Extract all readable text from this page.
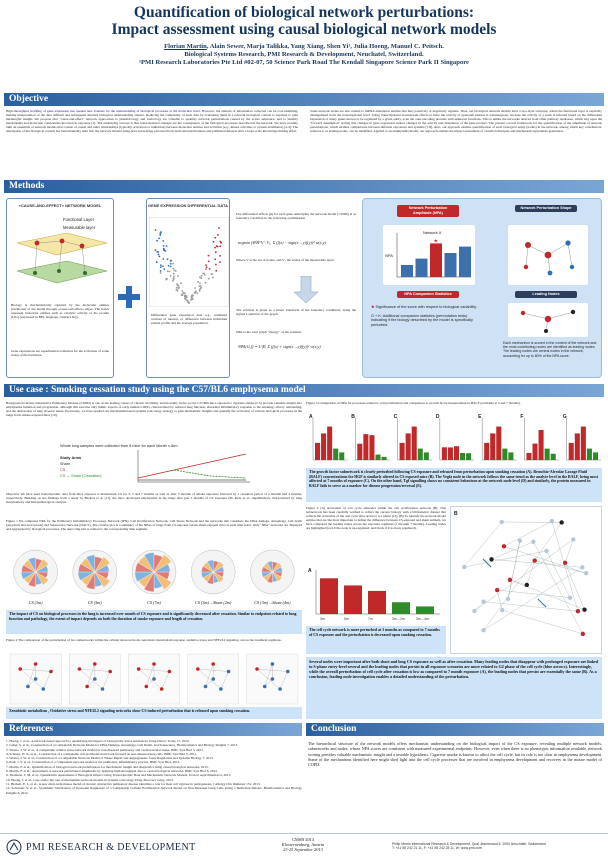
Quantification of biological network perturbations:
Impact assessment using causal biological network models
Florian Martin, Alain Sewer, Marja Talikka, Yang Xiang, Shen Yi¹, Julia Hoeng, Manuel C. Peitsch.
Biological Systems Research, PMI Research & Development, Neuchatel, Switzerland.
¹PMI Research Laboratories Pte Ltd #02-07, 50 Science Park Road The Kendall Singapore Science Park II Singapore
Objective
High-throughput profiling of gene expression has opened new avenues for the understanding of biological processes at the molecular level. However, the amount of information collected can be overwhelming, making interpretation of the data difficult and subsequent detailed biological understanding elusive. Reducing the complexity of such data by evaluating them in a relevant biological context is required to gain meaningful insight. We propose that "cause-and-effect" network approaches to pharmacology and toxicology are valuable to quantify network perturbations caused by the active substance, and to identify mechanisms and molecular components involved in exposure [1]. The underlying concept is that transcriptional changes are the consequence of the biological processes described in the network. We have recently built an ensemble of network models that consist of causal and other relationships (typically activation or inhibition) between molecular entities and activities (e.g., kinase activities or protein abundance) [2-4]. The description of the biological context has been manually built into the network models using prior knowledge extracted from both relevant literature and published datasets after a large-scale knowledge mining effort.
Some network nodes are also related to mRNA abundance entities that they positively or negatively regulate. Thus, our biological network models have a two-layer structure, where the functional layer is explicitly distinguished from the transcriptional level. Using transcriptional downstream effects to infer the activity of upstream entities is advantageous, because the activity of a node is inferred based on the differential expression of many genes known to be regulated by a given entity, even the ones encoding proteins with unknown functions. This is unlike the networks derived from other pathway databases, which rely upon the "forward assumption" stating that changes in gene expression induce changes in the activity and abundance of the gene product. The present a novel framework for the quantification of the amplitude of network perturbations, which enables comparisons between different exposures and systems [7-8]. Also, our approach enables quantification of each biological entity (nodes) in the network, among which key contributors, referred to as leading nodes, can be identified. Applied to an emphysema model, our approach enables the impact assessment of cessation therapies and mechanistic hypothesis generation.
Methods
«CAUSE-AND-EFFECT» NETWORK MODEL
Functional Layer
Measurable layer
Biology is mechanistically captured by the molecular entities (backbone) of the model through «cause-and-effect» edges. The nodes represent molecular entities such as catalytic activity of the protein (LIG) (expressed in BEL language, catalA(LIG)).
Gene expressions are experimental evidences for the activation of some nodes of the backbone.
GENE EXPRESSION DIFFERENTIAL DATA
Differential gene expression data e.g., estimated contrast of interest, or difference between individual patient profile and the average population.
Use differential effects (β) for each gene underlying the network model (>5000), β as boundary condition in the following optimization
argmin f∈ℝ^V \ V₀  Σ (f(x) − sign(x→y)f(y))² w(x,y)
Where V is the set of nodes, and V₀ the nodes of the measurable layer.
The solution is given as a linear transform of the boundary conditions, using the signed Laplacian of the graph.
NPA is the total graph "energy" of the solution:
NPA(G,f) = 1/|E| Σ (f(x) + sign(x→y)f(y))² w(x,y)
Network Perturbation Amplitude (NPA)
Network Perturbation Shape
★
Network X
NPA
NPA Companion Statistics	Leading Nodes
★ Significance of the score with respect to biological variability.
O + K: Additional companion statistics (permutation tests) indicating if the biology described by the model is specifically perturbed.
Each mechanism is scored in the context of the network and the most contributing nodes are identified as leading nodes. The leading nodes are central nodes in the network, accounting for up to 80% of the NPA score.
Use case : Smoking cessation study using the C57/BL6 emphysema model
Background Chronic Obstructive Pulmonary Disease (COPD) is one of the leading causes of chronic morbidity and mortality in the world. C57/Bl6 mice exposed to cigarette smoke (CS) provide valuable insight into emphysema initiation and progression, although this exercise only mimic aspects of early human COPD, characterized by reduced lung function, abnormal inflammatory response to the smoking, airway remodeling, and the destruction of lung alveolar tissue. Previously, we have applied our mechanism-based systems toxicology strategy to gain mechanistic insights and quantify the activation of various biological processes in the lungs from smoke-exposed mice [10].
Whole lung samples were collected from 8 mice for each Month x Arm
Study Arms
Sham
CS
CS → Sham (Cessation)
Objective We have used transcriptomic data from mice exposed to mainstream CS for 3, 5 and 7 months as well as after 3 months of smoke exposure followed by a cessation period of 2 months and 4 months, respectively. Building on the findings from a study by Beckett et al. [11], the mice developed emphysema in the lungs after just 3 months of CS exposure (M. Peck et al., unpublished), characterized by lung morphometry and histopathological analysis.
Figure 1 We computed NPA for the Pulmonary Inflammatory Processes Network (IPN), Cell Proliferation Network, Cell Stress Network and the networks that constitute the DNA damage, Autophagy, Cell death (apoptosis and necroptosis) and Senescence Network (DACS). The circular plot is a summary of the NPAs of lungs from CS-exposed versus sham-exposed mice at each time point. Only "NPA" networks are displayed and aggregated by biological processes. The outer ring plot is related to the corresponding time segment.
CS (3m)	CS (5m)	CS (7m)	CS (3m)→Sham (2m)	CS (3m)→Sham (4m)
The impact of CS on biological processes in the lung is increased over month of CS exposure and is significantly decreased after cessation. Similar to endpoints related to lung function and pathology, the extent of impact depends on both the duration of smoke exposure and length of cessation.
Figure 2 The comparison of the perturbation of two subnetworks within the cellular stress network, xenobiotic metabolism response oxidative stress and NFE2L2 signaling, across the treatment regimens.
Xenobiotic metabolism , Oxidative stress and NFE2L2 signaling networks show CS induced perturbation that is released upon smoking cessation.
Figure 3 Computation of NPA for processes related to cell proliferation and comparison to growth factor measurement in BALF (available at 5 and 7 months).
A	B	C	D	E	F	G
The growth factor subnetwork is clearly perturbed following CS exposure and released from perturbation upon smoking cessation (A). Bronchio-Alveolar Lavage Fluid (BALF) concentrations for HGF is similarly altered in CS exposed mice (B). The Vegfa node in the network follows the same trend as the analyte level in the BALF, being most affected at 7 months of exposure (C). On the other hand, Tgf signalling shows no consistent behaviour at the network node level (D) and similarly, the protein measured in BALF fails to serve as a marker for disease progression/reversal (E).
Figure 4 (A) Activation of cell cycle subnodel within the cell proliferation network (B). This subnetwork has been carefully verified to reflect the current biology with a bibliometric dataset that reflects the activation of the cell cycle after arrest to G1 phase [12]. (B) To identify the network model entities that are the most important to define the difference between CS-exposed and sham animals, we have compared the leading nodes across the exposure regimens (1 through 7 months). Leading nodes are highlighted (red if the node is up-regulated, and black if it is down regulated).
A
3m	5m	7m	3m→2m	3m→4m
The cell cycle network is more perturbed at 3 months as compared to 7 months of CS exposure and the perturbation is decreased upon smoking cessation.
B
Several nodes were important after both short and long CS exposure as well as after cessation. Many leading nodes that disappear with prolonged exposure are linked to S-phase entry-level several and the leading nodes that persist in all exposure scenarios are more related to G2 phase of the cell cycle (blue arrows). Interestingly, while the overall perturbation of cell cycle after cessation is low as compared to 7 month exposure (A), the leading nodes that persist are essentially the same (B). As a conclusion, leading node investigation enables a detailed understanding of the perturbation.
References
1. Hoeng, J. et al., A network-based approach to quantifying the impact of biologically active substances. Drug Discov Today 17, 2012.
2. Gebel, S. et al., Construction of a Computable Network Model for DNA Damage, Autophagy, Cell Death, and Senescence. Bioinformatics and Biology Insights 7, 2013.
3. Westra, J. W. et al., A computable cellular stress network model for non-diseased pulmonary and cardiovascular tissue. BMC Syst Biol 5, 2011.
4. Schlage, W. K. et al., Construction of a computable cell proliferation network focused on non-diseased lung cells. BMC Syst Biol 5, 2011.
5. Westra, J. W. et al., Construction of a Computable Network Model of Tissue Repair and Angiogenesis. Gene Regulation and Systems Biology 7, 2013.
6. Park, J. S. et al., Construction of a computable network model of the pulmonary inflammatory process. BMC Syst Biol, 2013.
7. Martin, F. et al., Quantification of biological network perturbations for mechanistic insight and diagnostics using causal biological networks. 2013.
8. Martin, F. et al., Assessment of network perturbation amplitudes by applying high-throughput data to causal biological networks. BMC Syst Biol 6, 2012.
9. Thomson, T. M. et al., Quantitative Assessment of Biological Impact Using Transcriptomic Data and Mechanistic Network Models. Toxicol Appl Pharmacol, 2013.
10. Hoeng, J. et al., Case study: the role of mechanistic network models in systems toxicology. Drug discovery today, 2013.
11. Beckett, E. L. et al., A new short-term mouse model of chronic obstructive pulmonary disease identifies a role for mast cell tryptase in pathogenesis. J Allergy Clin Immunol 131, 2013.
12. Selvarani, V. et al., Systematic Verification of Upstream Regulators of a Computable Cellular Proliferation Network Model on Non-Diseased Lung Cells Using a Dedicated Dataset. Bioinformatics and Biology Insights 6, 2012.
Conclusion
The hierarchical structure of the network models offers mechanistic understanding on the biological impact of the CS exposure, revealing multiple network models, subnetworks and nodes, whose NPA scores are consistent with measured experimental endpoints. However, even when there is no phenotypic information available, network scoring provides valuable mechanistic insight and a testable hypothesis. Cigarette smoke is known to affect the cell cycle, but its role is not clear in emphysema development. Some of the mechanisms identified here might shed light into the cell cycle processes that are involved in emphysema development and recovery in the mouse model of COPD.
PMI RESEARCH & DEVELOPMENT
CMSB 2013
Klosterneuburg, Austria
23-25 September 2013
Philip Morris International Research & Development, Quai Jeanrenaud 5, 2000 Neuchâtel, Switzerland
T: +41 58 242 21 11, F: +41 58 242 28 11, W: www.pmi.com
